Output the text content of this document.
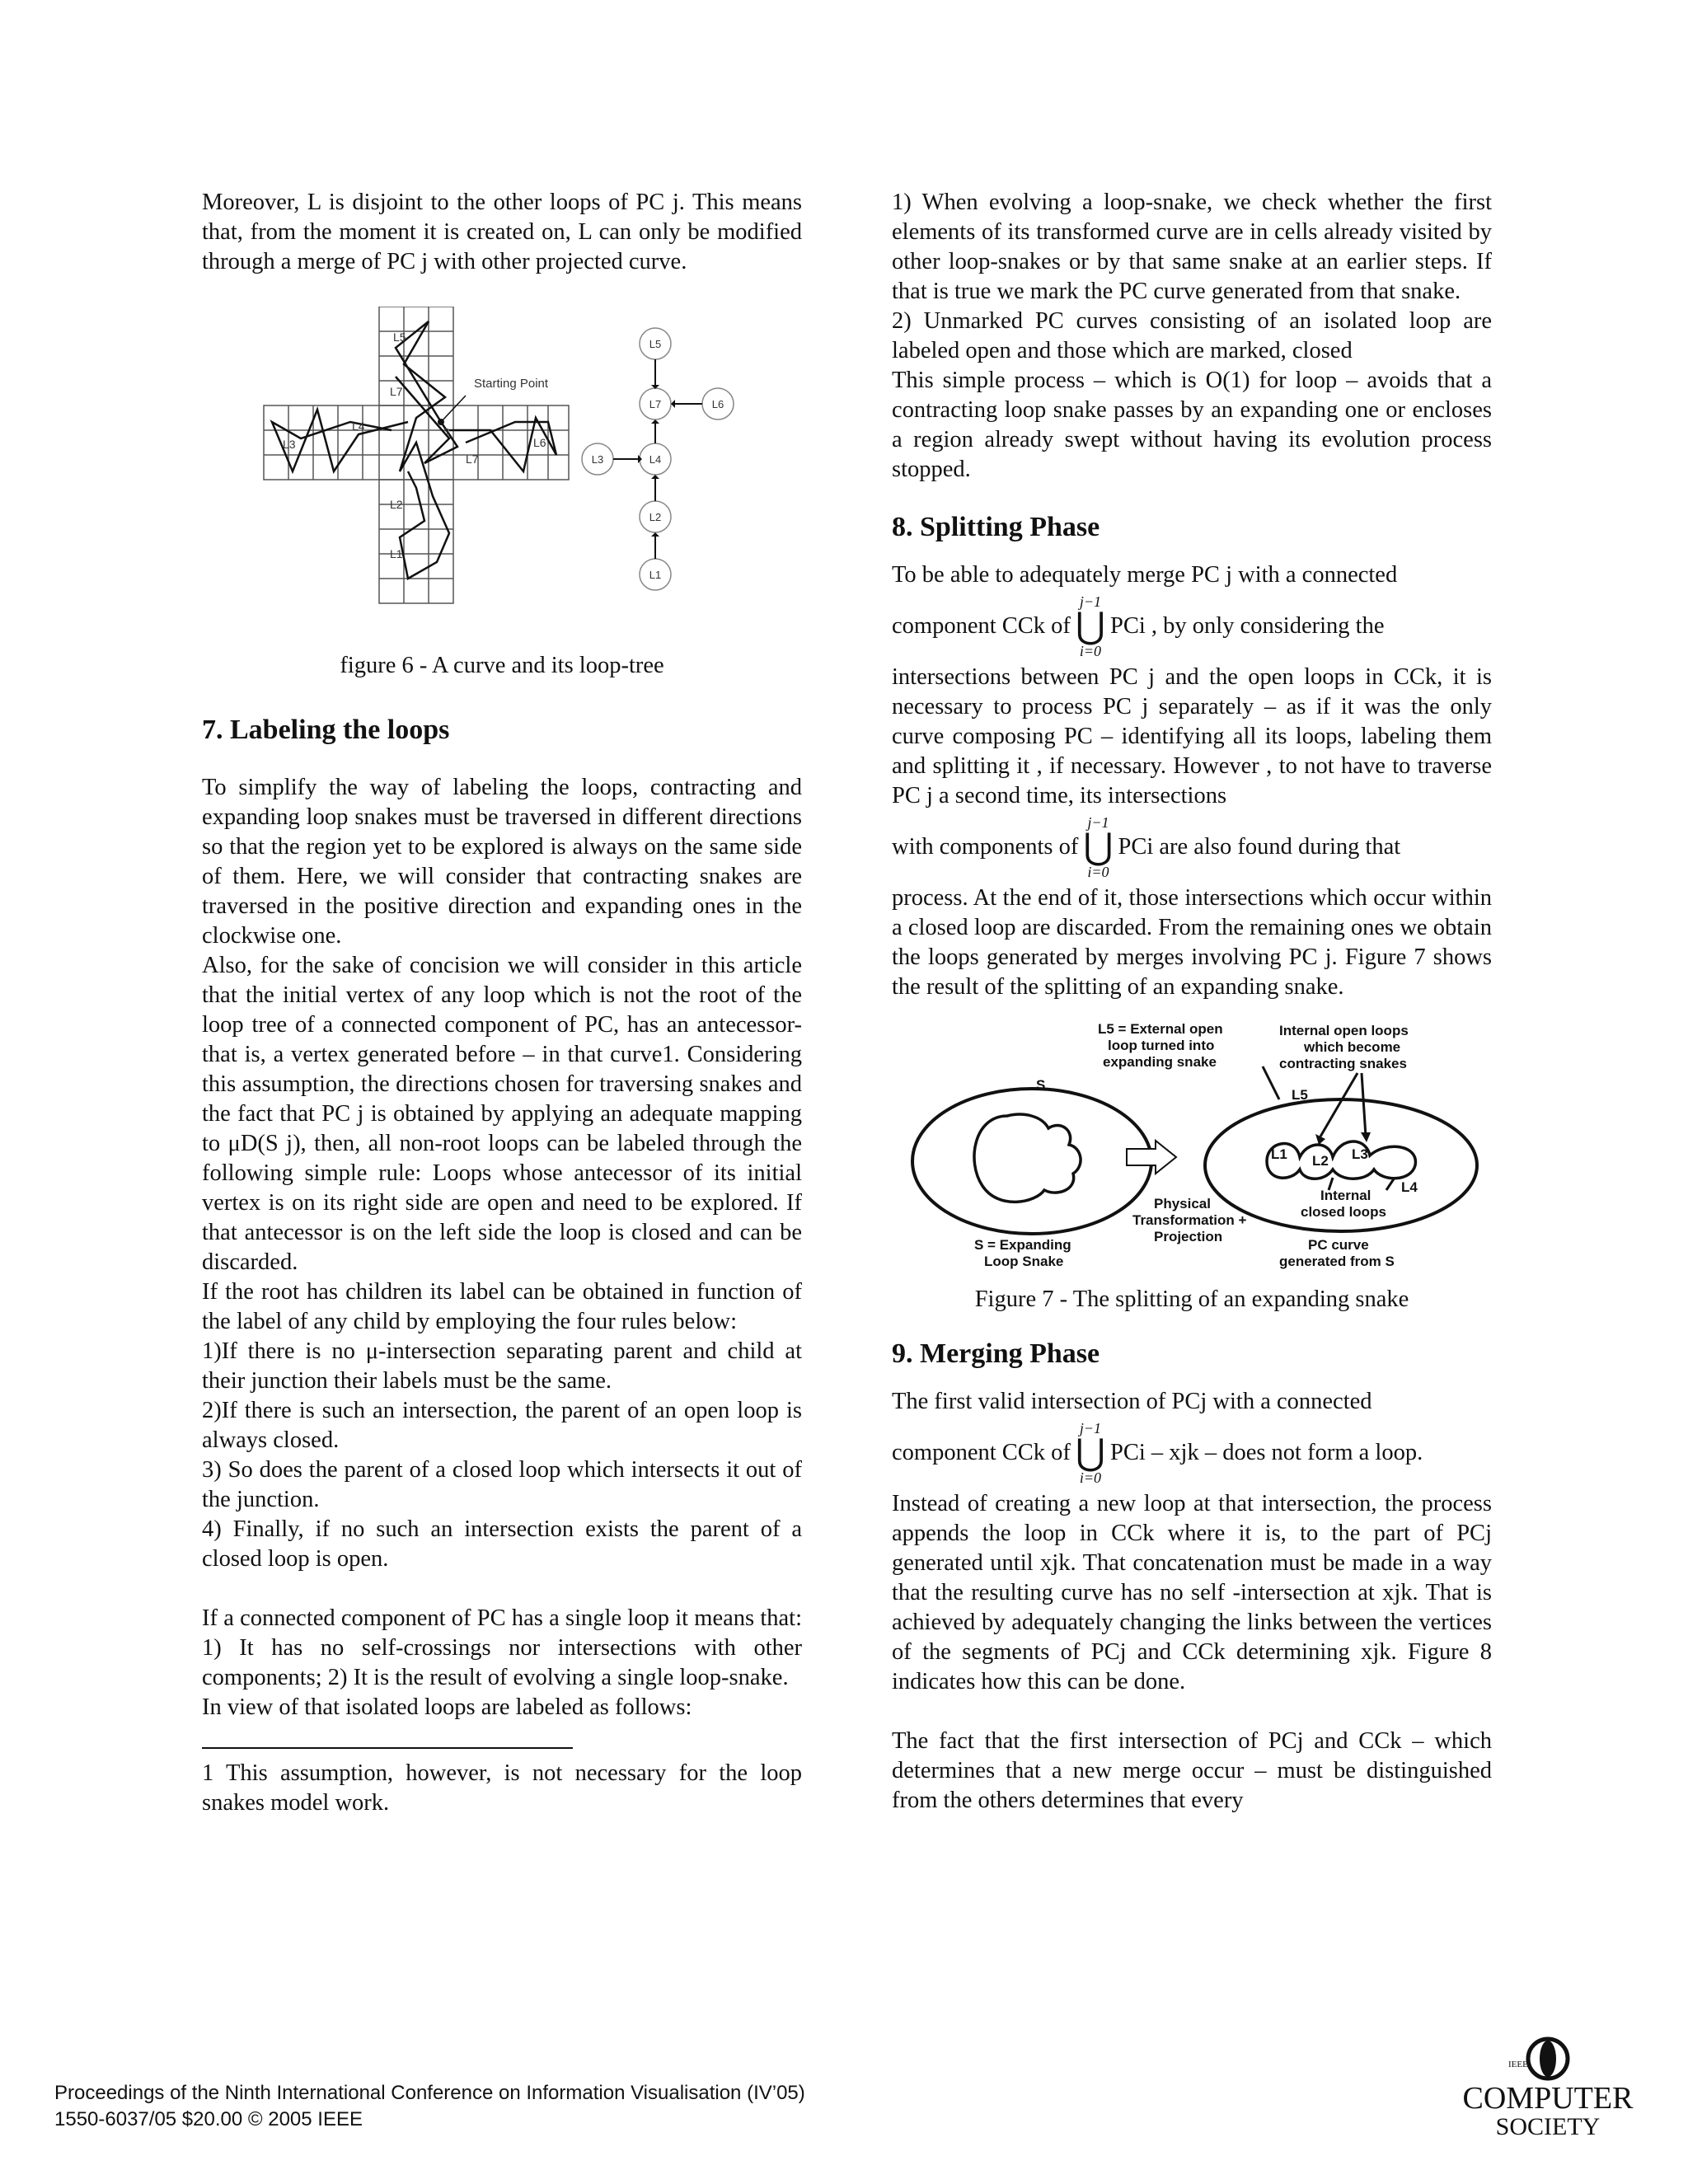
Moreover, L is disjoint to the other loops of PC j. This means that, from the moment it is created on, L can only be modified through a merge of PC j with other projected curve.

Starting Point
s
L5
L7
L4
L3	L6
L7
L2
L1
L5
L7	L6
L3	L4
L2
L1

figure 6 - A curve and its loop-tree

7. Labeling the loops

To simplify the way of labeling the loops, contracting and expanding loop snakes must be traversed in different directions so that the region yet to be explored is always on the same side of them. Here, we will consider that contracting snakes are traversed in the positive direction and expanding ones in the clockwise one.

Also, for the sake of concision we will consider in this article that the initial vertex of any loop which is not the root of the loop tree of a connected component of PC, has an antecessor- that is, a vertex generated before – in that curve1. Considering this assumption, the directions chosen for traversing snakes and the fact that PC j is obtained by applying an adequate mapping to μD(S j), then, all non-root loops can be labeled through the following simple rule: Loops whose antecessor of its initial vertex is on its right side are open and need to be explored. If that antecessor is on the left side the loop is closed and can be discarded.

If the root has children its label can be obtained in function of the label of any child by employing the four rules below:

1)If there is no μ-intersection separating parent and child at their junction their labels must be the same.

2)If there is such an intersection, the parent of an open loop is always closed.

3) So does the parent of a closed loop which intersects it out of the junction.

4) Finally, if no such an intersection exists the parent of a closed loop is open.

If a connected component of PC has a single loop it means that: 1) It has no self-crossings nor intersections with other components; 2) It is the result of evolving a single loop-snake.

In view of that isolated loops are labeled as follows:

1 This assumption, however, is not necessary for the loop snakes model work.

1) When evolving a loop-snake, we check whether the first elements of its transformed curve are in cells already visited by other loop-snakes or by that same snake at an earlier steps. If that is true we mark the PC curve generated from that snake.

2) Unmarked PC curves consisting of an isolated loop are labeled open and those which are marked, closed

This simple process – which is O(1) for loop – avoids that a contracting loop snake passes by an expanding one or encloses a region already swept without having its evolution process stopped.

8. Splitting Phase

To be able to adequately merge PC j with a connected

component CCk of
j−1
⋃
i=0
PCi , by only considering the

intersections between PC j and the open loops in CCk, it is necessary to process PC j separately – as if it was the only curve composing PC – identifying all its loops, labeling them and splitting it , if necessary. However , to not have to traverse PC j a second time, its intersections

with components of
j−1
⋃
i=0
PCi are also found during that

process. At the end of it, those intersections which occur within a closed loop are discarded. From the remaining ones we obtain the loops generated by merges involving PC j. Figure 7 shows the result of the splitting of an expanding snake.

L5 = External open
loop turned into
expanding snake
Internal open loops
which become
contracting snakes
S
S = Expanding
Loop Snake
Physical
Transformation +
Projection
L5
L1 L2 L3
L4
Internal
closed loops
PC curve
generated from S

Figure 7 - The splitting of an expanding snake

9. Merging Phase

The first valid intersection of PCj with a connected

component CCk of
j−1
⋃
i=0
PCi – xjk – does not form a loop.

Instead of creating a new loop at that intersection, the process appends the loop in CCk where it is, to the part of PCj generated until xjk. That concatenation must be made in a way that the resulting curve has no self -intersection at xjk. That is achieved by adequately changing the links between the vertices of the segments of PCj and CCk determining xjk. Figure 8 indicates how this can be done.

The fact that the first intersection of PCj and CCk – which determines that a new merge occur – must be distinguished from the others determines that every

Proceedings of the Ninth International Conference on Information Visualisation (IV’05)
1550-6037/05 $20.00 © 2005 IEEE
IEEE
COMPUTER
SOCIETY
